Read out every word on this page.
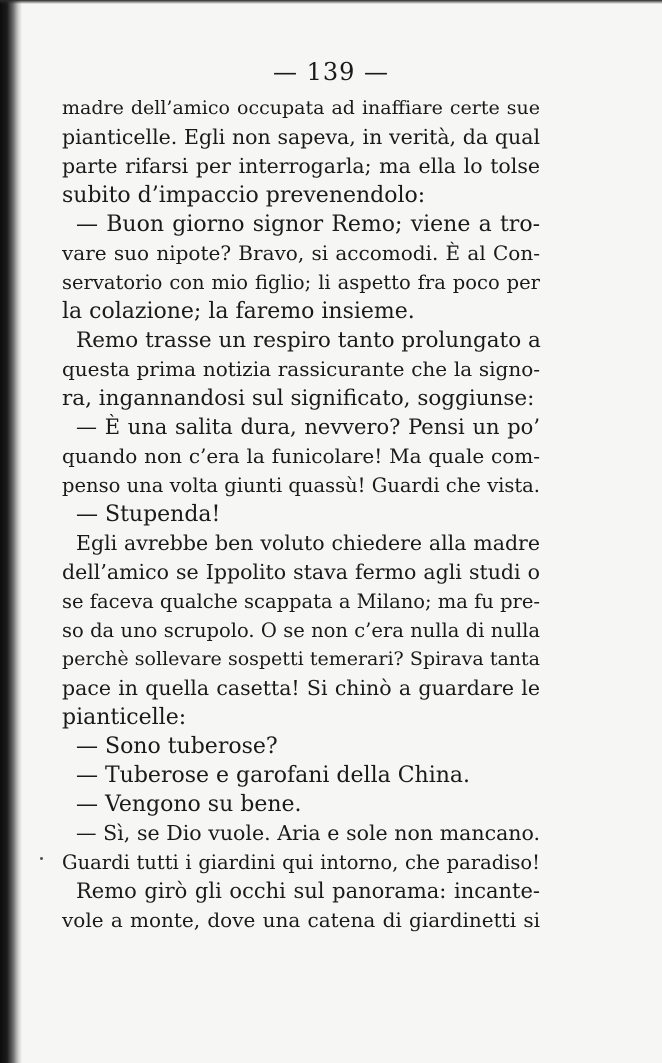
— 139 —
madre dell’amico occupata ad inaffiare certe sue
pianticelle. Egli non sapeva, in verità, da qual
parte rifarsi per interrogarla; ma ella lo tolse
subito d’impaccio prevenendolo:
— Buon giorno signor Remo; viene a tro-
vare suo nipote? Bravo, si accomodi. È al Con-
servatorio con mio figlio; li aspetto fra poco per
la colazione; la faremo insieme.
Remo trasse un respiro tanto prolungato a
questa prima notizia rassicurante che la signo-
ra, ingannandosi sul significato, soggiunse:
— È una salita dura, nevvero? Pensi un po’
quando non c’era la funicolare! Ma quale com-
penso una volta giunti quassù! Guardi che vista.
— Stupenda!
Egli avrebbe ben voluto chiedere alla madre
dell’amico se Ippolito stava fermo agli studi o
se faceva qualche scappata a Milano; ma fu pre-
so da uno scrupolo. O se non c’era nulla di nulla
perchè sollevare sospetti temerari? Spirava tanta
pace in quella casetta! Si chinò a guardare le
pianticelle:
— Sono tuberose?
— Tuberose e garofani della China.
— Vengono su bene.
— Sì, se Dio vuole. Aria e sole non mancano.
Guardi tutti i giardini qui intorno, che paradiso!
Remo girò gli occhi sul panorama: incante-
vole a monte, dove una catena di giardinetti si
